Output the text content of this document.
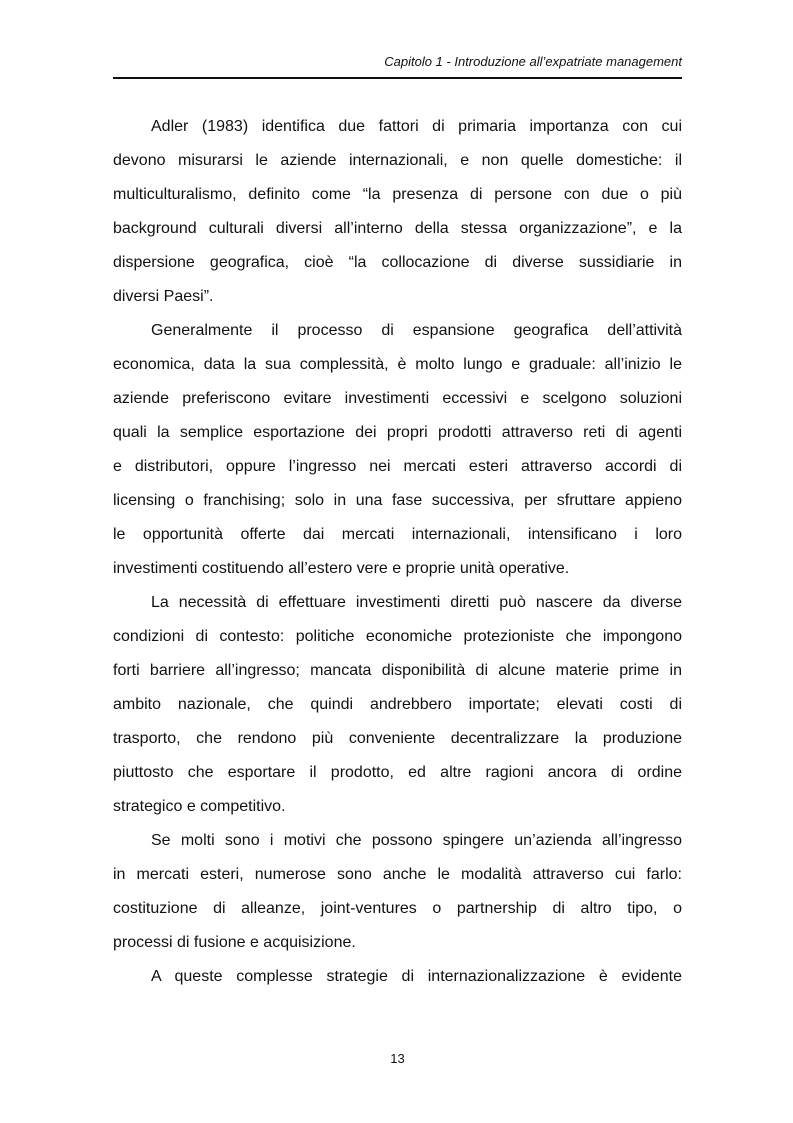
Capitolo 1 - Introduzione all’expatriate management

Adler (1983) identifica due fattori di primaria importanza con cui
devono misurarsi le aziende internazionali, e non quelle domestiche: il
multiculturalismo, definito come “la presenza di persone con due o più
background culturali diversi all’interno della stessa organizzazione”, e la
dispersione geografica, cioè “la collocazione di diverse sussidiarie in
diversi Paesi”.

Generalmente il processo di espansione geografica dell’attività
economica, data la sua complessità, è molto lungo e graduale: all’inizio le
aziende preferiscono evitare investimenti eccessivi e scelgono soluzioni
quali la semplice esportazione dei propri prodotti attraverso reti di agenti
e distributori, oppure l’ingresso nei mercati esteri attraverso accordi di
licensing o franchising; solo in una fase successiva, per sfruttare appieno
le opportunità offerte dai mercati internazionali, intensificano i loro
investimenti costituendo all’estero vere e proprie unità operative.

La necessità di effettuare investimenti diretti può nascere da diverse
condizioni di contesto: politiche economiche protezioniste che impongono
forti barriere all’ingresso; mancata disponibilità di alcune materie prime in
ambito nazionale, che quindi andrebbero importate; elevati costi di
trasporto, che rendono più conveniente decentralizzare la produzione
piuttosto che esportare il prodotto, ed altre ragioni ancora di ordine
strategico e competitivo.

Se molti sono i motivi che possono spingere un’azienda all’ingresso
in mercati esteri, numerose sono anche le modalità attraverso cui farlo:
costituzione di alleanze, joint-ventures o partnership di altro tipo, o
processi di fusione e acquisizione.

A queste complesse strategie di internazionalizzazione è evidente

13
